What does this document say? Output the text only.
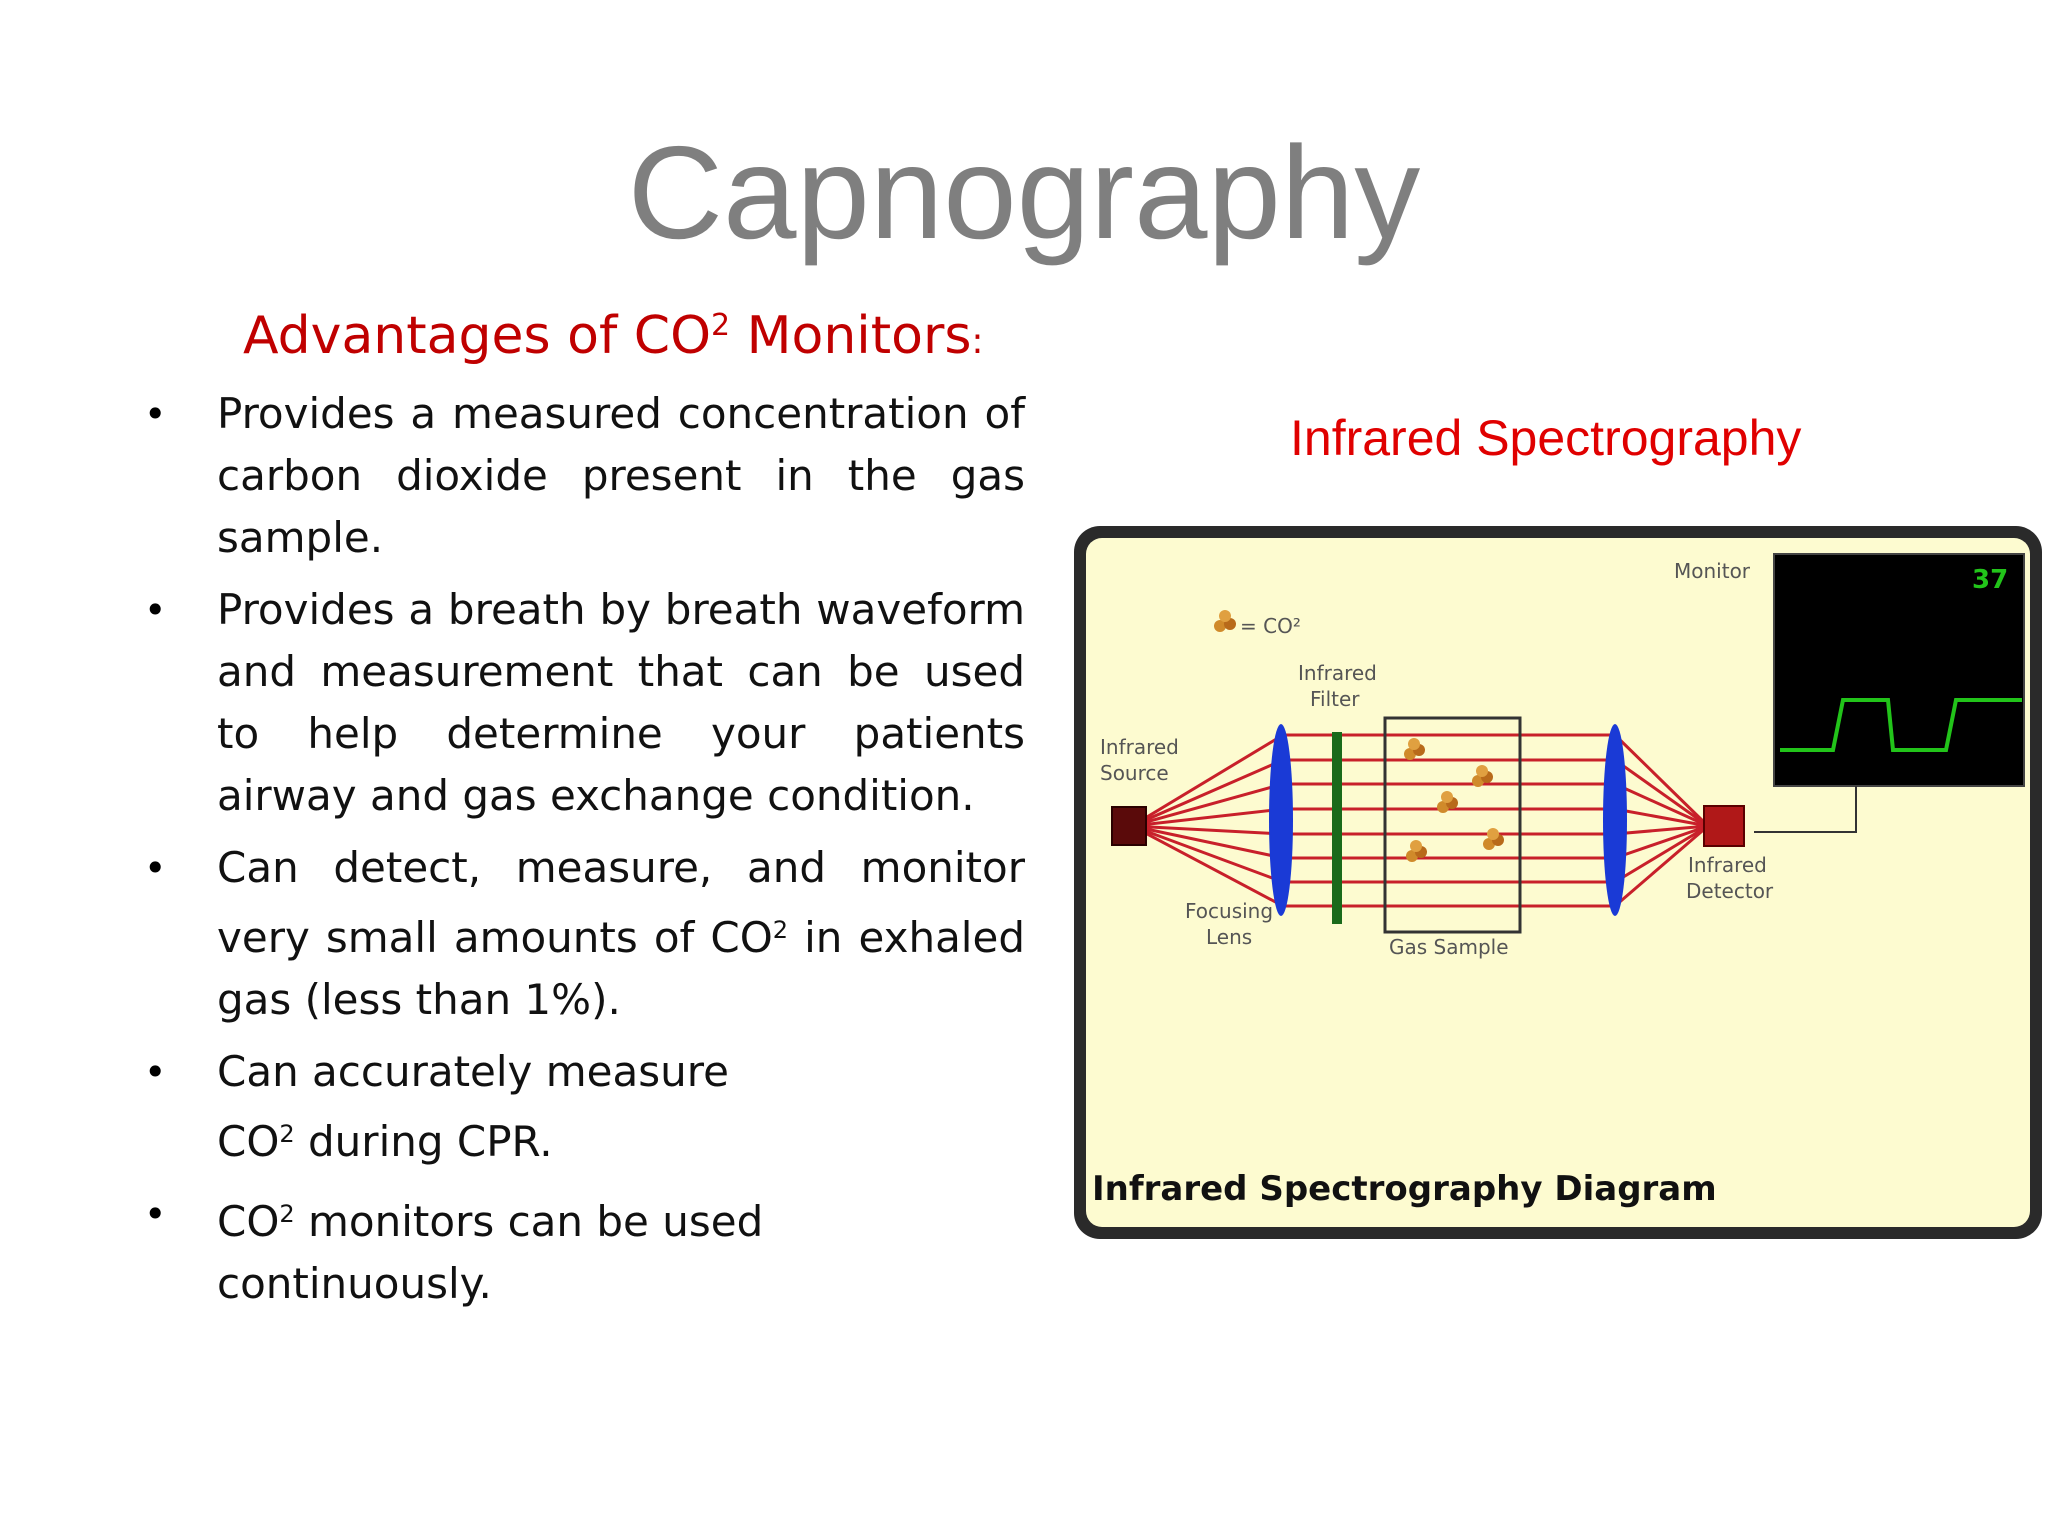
Capnography
Advantages of $CO^2$ Monitors:
• Provides a measured concentration of carbon dioxide present in the gas sample.
• Provides a breath by breath waveform and measurement that can be used to help determine your patients airway and gas exchange condition.
• Can detect, measure, and monitor very small amounts of $CO^2$ in exhaled gas (less than 1%).
• Can accurately measure $CO^2$ during CPR.
• $CO^2$ monitors can be used continuously.
Infrared Spectrography
= CO²
Infrared
Source
Infrared
Filter
Focusing
Lens	Gas Sample
Infrared
Detector
Monitor	37
Infrared Spectrography Diagram
